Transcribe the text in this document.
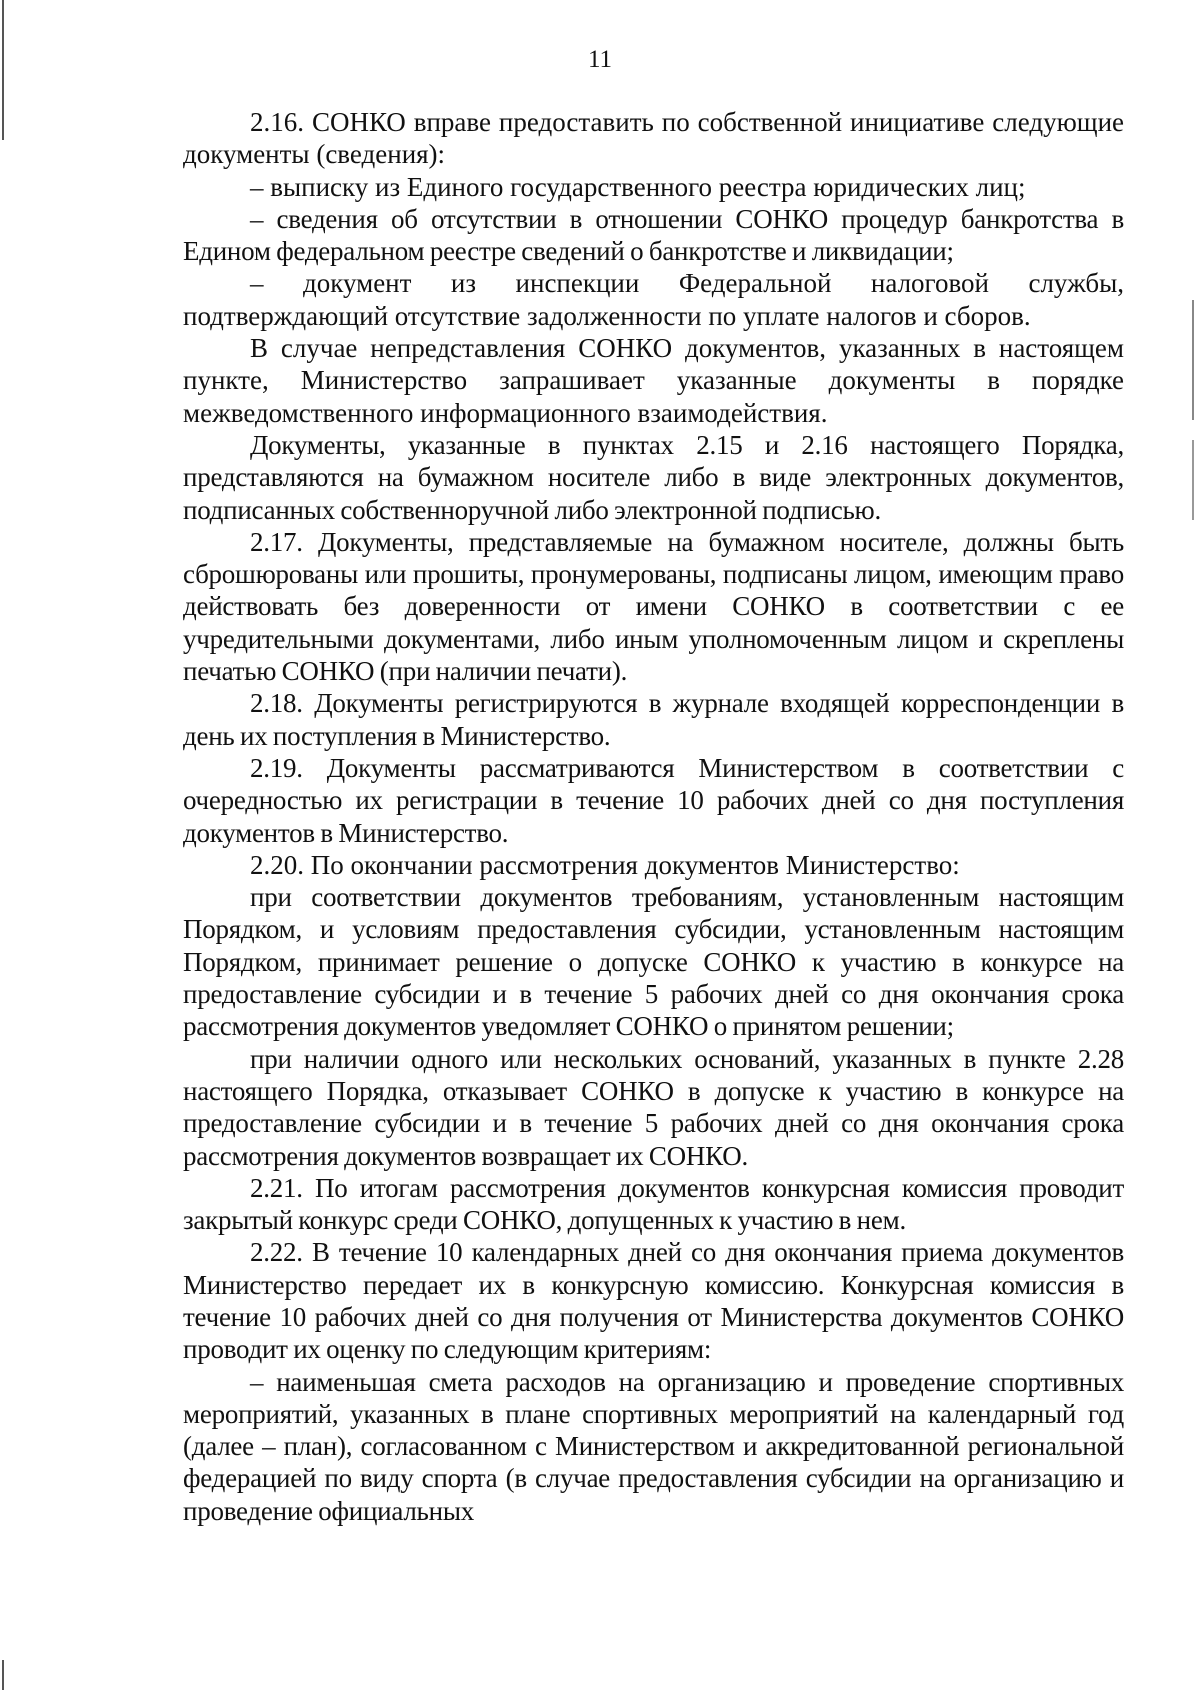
11

2.16. СОНКО вправе предоставить по собственной инициативе следующие документы (сведения):

– выписку из Единого государственного реестра юридических лиц;

– сведения об отсутствии в отношении СОНКО процедур банкротства в Едином федеральном реестре сведений о банкротстве и ликвидации;

– документ из инспекции Федеральной налоговой службы, подтверждающий отсутствие задолженности по уплате налогов и сборов.

В случае непредставления СОНКО документов, указанных в настоящем пункте, Министерство запрашивает указанные документы в порядке межведомственного информационного взаимодействия.

Документы, указанные в пунктах 2.15 и 2.16 настоящего Порядка, представляются на бумажном носителе либо в виде электронных документов, подписанных собственноручной либо электронной подписью.

2.17. Документы, представляемые на бумажном носителе, должны быть сброшюрованы или прошиты, пронумерованы, подписаны лицом, имеющим право действовать без доверенности от имени СОНКО в соответствии с ее учредительными документами, либо иным уполномоченным лицом и скреплены печатью СОНКО (при наличии печати).

2.18. Документы регистрируются в журнале входящей корреспонденции в день их поступления в Министерство.

2.19. Документы рассматриваются Министерством в соответствии с очередностью их регистрации в течение 10 рабочих дней со дня поступления документов в Министерство.

2.20. По окончании рассмотрения документов Министерство:

при соответствии документов требованиям, установленным настоящим Порядком, и условиям предоставления субсидии, установленным настоящим Порядком, принимает решение о допуске СОНКО к участию в конкурсе на предоставление субсидии и в течение 5 рабочих дней со дня окончания срока рассмотрения документов уведомляет СОНКО о принятом решении;

при наличии одного или нескольких оснований, указанных в пункте 2.28 настоящего Порядка, отказывает СОНКО в допуске к участию в конкурсе на предоставление субсидии и в течение 5 рабочих дней со дня окончания срока рассмотрения документов возвращает их СОНКО.

2.21. По итогам рассмотрения документов конкурсная комиссия проводит закрытый конкурс среди СОНКО, допущенных к участию в нем.

2.22. В течение 10 календарных дней со дня окончания приема документов Министерство передает их в конкурсную комиссию. Конкурсная комиссия в течение 10 рабочих дней со дня получения от Министерства документов СОНКО проводит их оценку по следующим критериям:

– наименьшая смета расходов на организацию и проведение спортивных мероприятий, указанных в плане спортивных мероприятий на календарный год (далее – план), согласованном с Министерством и аккредитованной региональной федерацией по виду спорта (в случае предоставления субсидии на организацию и проведение официальных
